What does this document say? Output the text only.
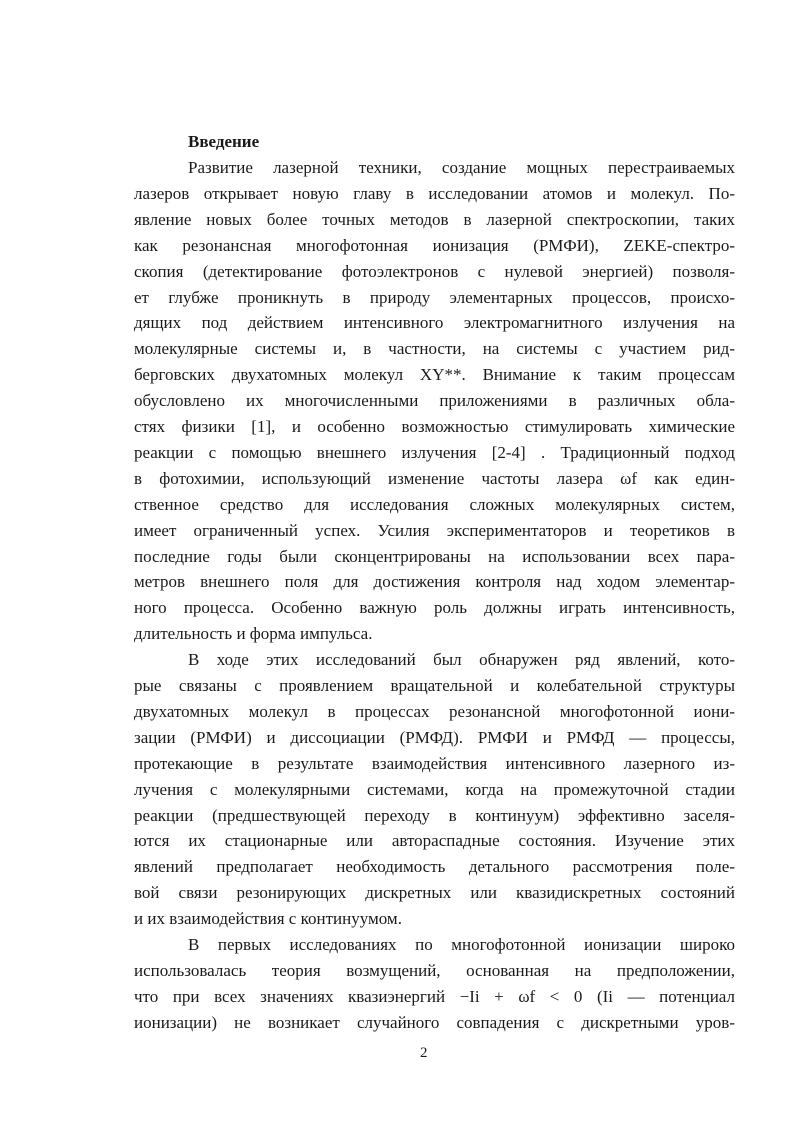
Введение
Развитие лазерной техники, создание мощных перестраиваемых
лазеров открывает новую главу в исследовании атомов и молекул. По-
явление новых более точных методов в лазерной спектроскопии, таких
как резонансная многофотонная ионизация (РМФИ), ZEKE-спектро-
скопия (детектирование фотоэлектронов с нулевой энергией) позволя-
ет глубже проникнуть в природу элементарных процессов, происхо-
дящих под действием интенсивного электромагнитного излучения на
молекулярные системы и, в частности, на системы с участием рид-
берговских двухатомных молекул XY**. Внимание к таким процессам
обусловлено их многочисленными приложениями в различных обла-
стях физики [1], и особенно возможностью стимулировать химические
реакции с помощью внешнего излучения [2-4] . Традиционный подход
в фотохимии, использующий изменение частоты лазера ωf как един-
ственное средство для исследования сложных молекулярных систем,
имеет ограниченный успех. Усилия экспериментаторов и теоретиков в
последние годы были сконцентрированы на использовании всех пара-
метров внешнего поля для достижения контроля над ходом элементар-
ного процесса. Особенно важную роль должны играть интенсивность,
длительность и форма импульса.
В ходе этих исследований был обнаружен ряд явлений, кото-
рые связаны с проявлением вращательной и колебательной структуры
двухатомных молекул в процессах резонансной многофотонной иони-
зации (РМФИ) и диссоциации (РМФД). РМФИ и РМФД — процессы,
протекающие в результате взаимодействия интенсивного лазерного из-
лучения с молекулярными системами, когда на промежуточной стадии
реакции (предшествующей переходу в континуум) эффективно заселя-
ются их стационарные или автораспадные состояния. Изучение этих
явлений предполагает необходимость детального рассмотрения поле-
вой связи резонирующих дискретных или квазидискретных состояний
и их взаимодействия с континуумом.
В первых исследованиях по многофотонной ионизации широко
использовалась теория возмущений, основанная на предположении,
что при всех значениях квазиэнергий −Ii + ωf < 0 (Ii — потенциал
ионизации) не возникает случайного совпадения с дискретными уров-
2
